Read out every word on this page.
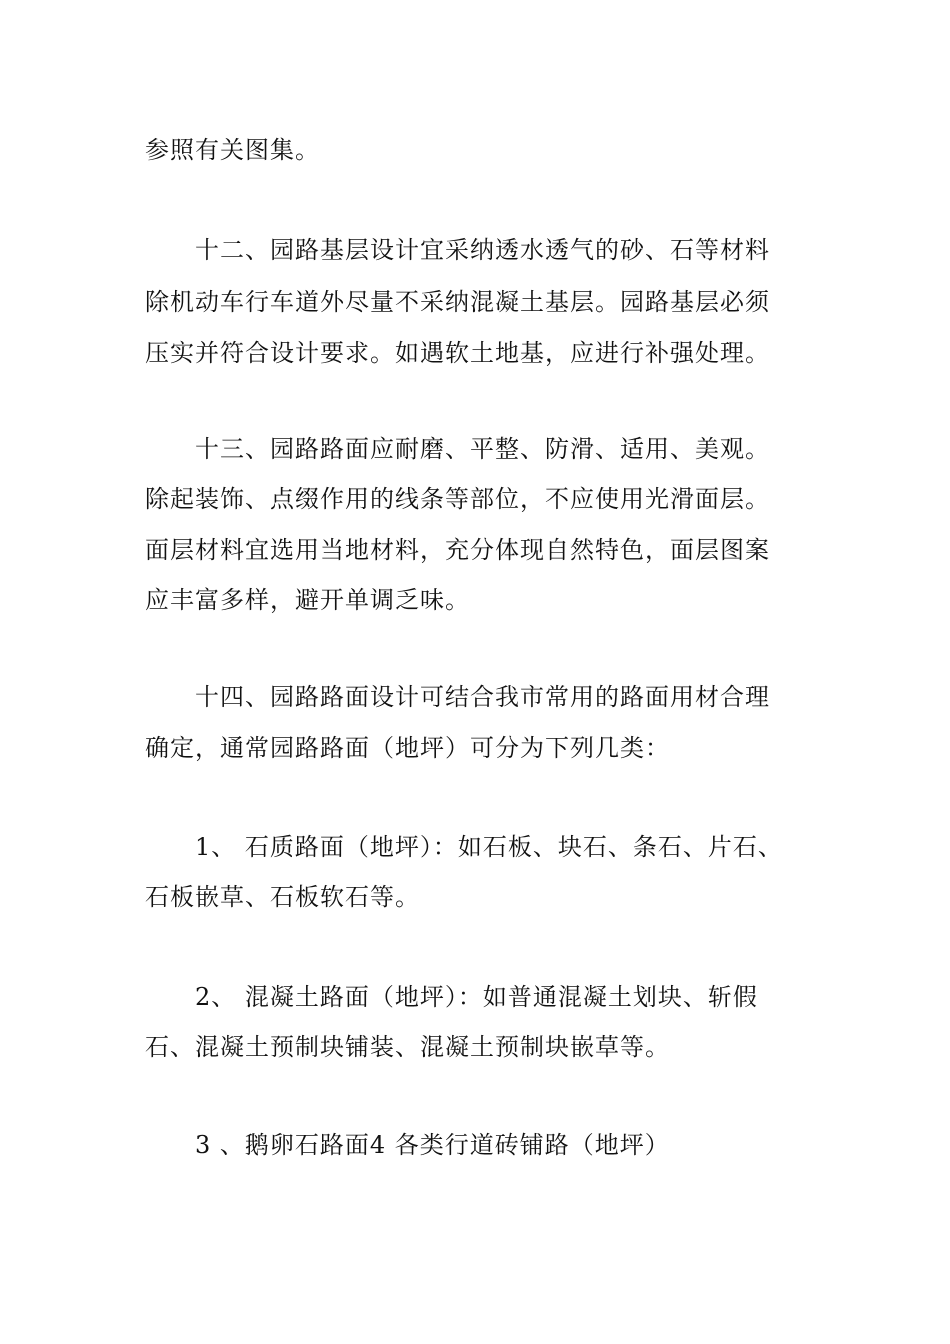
参照有关图集。
十二、园路基层设计宜采纳透水透气的砂、石等材料
除机动车行车道外尽量不采纳混凝土基层。园路基层必须
压实并符合设计要求。如遇软土地基，应进行补强处理。
十三、园路路面应耐磨、平整、防滑、适用、美观。
除起装饰、点缀作用的线条等部位，不应使用光滑面层。
面层材料宜选用当地材料，充分体现自然特色，面层图案
应丰富多样，避开单调乏味。
十四、园路路面设计可结合我市常用的路面用材合理
确定，通常园路路面（地坪）可分为下列几类：
1、 石质路面（地坪）：如石板、块石、条石、片石、
石板嵌草、石板软石等。
2、 混凝土路面（地坪）：如普通混凝土划块、斩假
石、混凝土预制块铺装、混凝土预制块嵌草等。
3 、鹅卵石路面4 各类行道砖铺路（地坪）
